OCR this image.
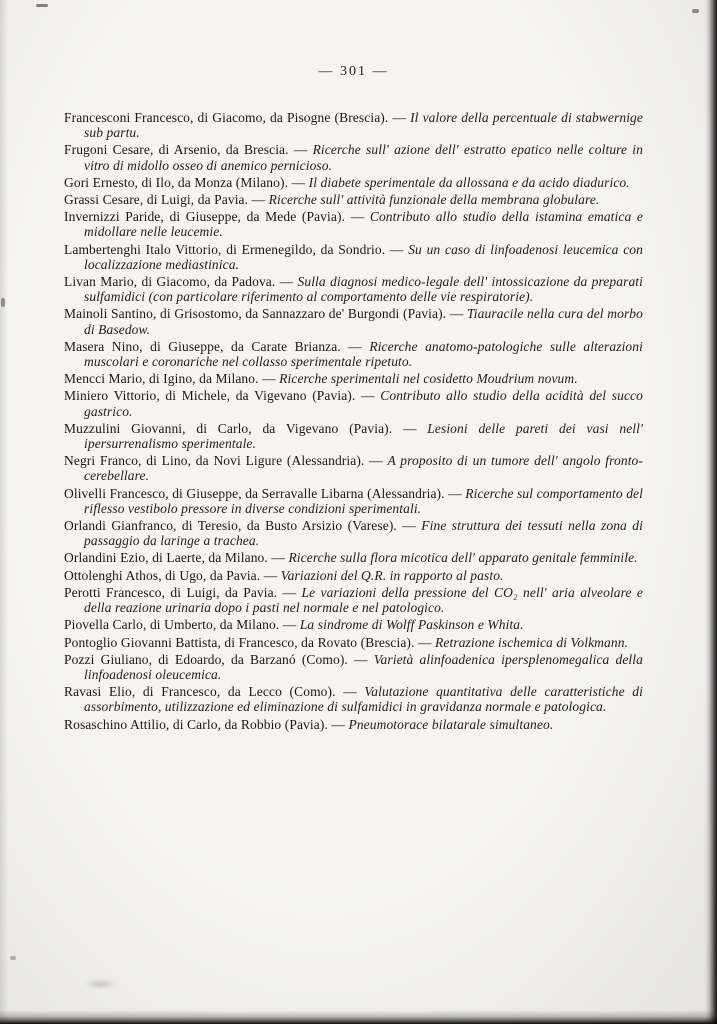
— 301 —

Francesconi Francesco, di Giacomo, da Pisogne (Brescia). — Il valore della percentuale di stabwernige sub partu.

Frugoni Cesare, di Arsenio, da Brescia. — Ricerche sull' azione dell' estratto epatico nelle colture in vitro di midollo osseo di anemico pernicioso.

Gori Ernesto, di Ilo, da Monza (Milano). — Il diabete sperimentale da allossana e da acido diadurico.

Grassi Cesare, di Luigi, da Pavia. — Ricerche sull' attività funzionale della membrana globulare.

Invernizzi Paride, di Giuseppe, da Mede (Pavia). — Contributo allo studio della istamina ematica e midollare nelle leucemie.

Lambertenghi Italo Vittorio, di Ermenegildo, da Sondrio. — Su un caso di linfoadenosi leucemica con localizzazione mediastinica.

Livan Mario, di Giacomo, da Padova. — Sulla diagnosi medico-legale dell' intossicazione da preparati sulfamidici (con particolare riferimento al comportamento delle vie respiratorie).

Mainoli Santino, di Grisostomo, da Sannazzaro de' Burgondi (Pavia). — Tiauracile nella cura del morbo di Basedow.

Masera Nino, di Giuseppe, da Carate Brianza. — Ricerche anatomo-patologiche sulle alterazioni muscolari e coronariche nel collasso sperimentale ripetuto.

Mencci Mario, di Igino, da Milano. — Ricerche sperimentali nel cosidetto Moudrium novum.

Miniero Vittorio, di Michele, da Vigevano (Pavia). — Contributo allo studio della acidità del succo gastrico.

Muzzulini Giovanni, di Carlo, da Vigevano (Pavia). — Lesioni delle pareti dei vasi nell' ipersurrenalismo sperimentale.

Negri Franco, di Lino, da Novi Ligure (Alessandria). — A proposito di un tumore dell' angolo fronto-cerebellare.

Olivelli Francesco, di Giuseppe, da Serravalle Libarna (Alessandria). — Ricerche sul comportamento del riflesso vestibolo pressore in diverse condizioni sperimentali.

Orlandi Gianfranco, di Teresio, da Busto Arsizio (Varese). — Fine struttura dei tessuti nella zona di passaggio da laringe a trachea.

Orlandini Ezio, di Laerte, da Milano. — Ricerche sulla flora micotica dell' apparato genitale femminile.

Ottolenghi Athos, di Ugo, da Pavia. — Variazioni del Q.R. in rapporto al pasto.

Perotti Francesco, di Luigi, da Pavia. — Le variazioni della pressione del CO₂ nell' aria alveolare e della reazione urinaria dopo i pasti nel normale e nel patologico.

Piovella Carlo, di Umberto, da Milano. — La sindrome di Wolff Paskinson e Whita.

Pontoglio Giovanni Battista, di Francesco, da Rovato (Brescia). — Retrazione ischemica di Volkmann.

Pozzi Giuliano, di Edoardo, da Barzanó (Como). — Varietà alinfoadenica ipersplenomegalica della linfoadenosi oleucemica.

Ravasi Elio, di Francesco, da Lecco (Como). — Valutazione quantitativa delle caratteristiche di assorbimento, utilizzazione ed eliminazione di sulfamidici in gravidanza normale e patologica.

Rosaschino Attilio, di Carlo, da Robbio (Pavia). — Pneumotorace bilatarale simultaneo.
